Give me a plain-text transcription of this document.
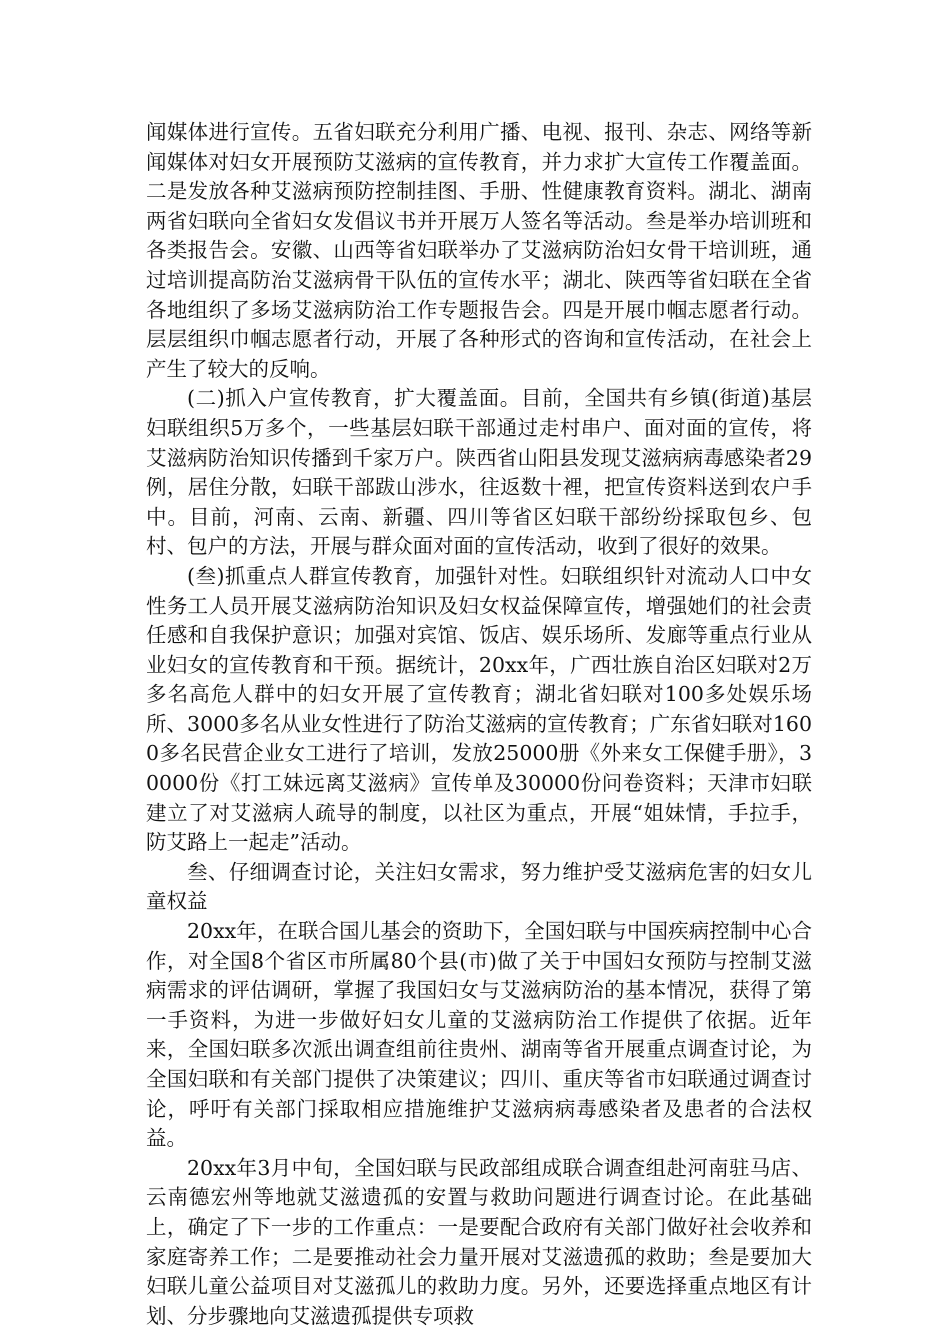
闻媒体进行宣传。五省妇联充分利用广播、电视、报刊、杂志、网络等新闻媒体对妇女开展预防艾滋病的宣传教育，并力求扩大宣传工作覆盖面。二是发放各种艾滋病预防控制挂图、手册、性健康教育资料。湖北、湖南两省妇联向全省妇女发倡议书并开展万人签名等活动。叁是举办培训班和各类报告会。安徽、山西等省妇联举办了艾滋病防治妇女骨干培训班，通过培训提高防治艾滋病骨干队伍的宣传水平；湖北、陕西等省妇联在全省各地组织了多场艾滋病防治工作专题报告会。四是开展巾帼志愿者行动。层层组织巾帼志愿者行动，开展了各种形式的咨询和宣传活动，在社会上产生了较大的反响。

(二)抓入户宣传教育，扩大覆盖面。目前，全国共有乡镇(街道)基层妇联组织5万多个，一些基层妇联干部通过走村串户、面对面的宣传，将艾滋病防治知识传播到千家万户。陕西省山阳县发现艾滋病病毒感染者29例，居住分散，妇联干部跋山涉水，往返数十裡，把宣传资料送到农户手中。目前，河南、云南、新疆、四川等省区妇联干部纷纷採取包乡、包村、包户的方法，开展与群众面对面的宣传活动，收到了很好的效果。

(叁)抓重点人群宣传教育，加强针对性。妇联组织针对流动人口中女性务工人员开展艾滋病防治知识及妇女权益保障宣传，增强她们的社会责任感和自我保护意识；加强对宾馆、饭店、娱乐场所、发廊等重点行业从业妇女的宣传教育和干预。据统计，20xx年，广西壮族自治区妇联对2万多名高危人群中的妇女开展了宣传教育；湖北省妇联对100多处娱乐场所、3000多名从业女性进行了防治艾滋病的宣传教育；广东省妇联对1600多名民营企业女工进行了培训，发放25000册《外来女工保健手册》，30000份《打工妹远离艾滋病》宣传单及30000份问卷资料；天津市妇联建立了对艾滋病人疏导的制度，以社区为重点，开展“姐妹情，手拉手，防艾路上一起走”活动。

叁、仔细调查讨论，关注妇女需求，努力维护受艾滋病危害的妇女儿童权益

20xx年，在联合国儿基会的资助下，全国妇联与中国疾病控制中心合作，对全国8个省区市所属80个县(市)做了关于中国妇女预防与控制艾滋病需求的评估调研，掌握了我国妇女与艾滋病防治的基本情况，获得了第一手资料，为进一步做好妇女儿童的艾滋病防治工作提供了依据。近年来，全国妇联多次派出调查组前往贵州、湖南等省开展重点调查讨论，为全国妇联和有关部门提供了决策建议；四川、重庆等省市妇联通过调查讨论，呼吁有关部门採取相应措施维护艾滋病病毒感染者及患者的合法权益。

20xx年3月中旬，全国妇联与民政部组成联合调查组赴河南驻马店、云南德宏州等地就艾滋遗孤的安置与救助问题进行调查讨论。在此基础上，确定了下一步的工作重点：一是要配合政府有关部门做好社会收养和家庭寄养工作；二是要推动社会力量开展对艾滋遗孤的救助；叁是要加大妇联儿童公益项目对艾滋孤儿的救助力度。另外，还要选择重点地区有计划、分步骤地向艾滋遗孤提供专项救
